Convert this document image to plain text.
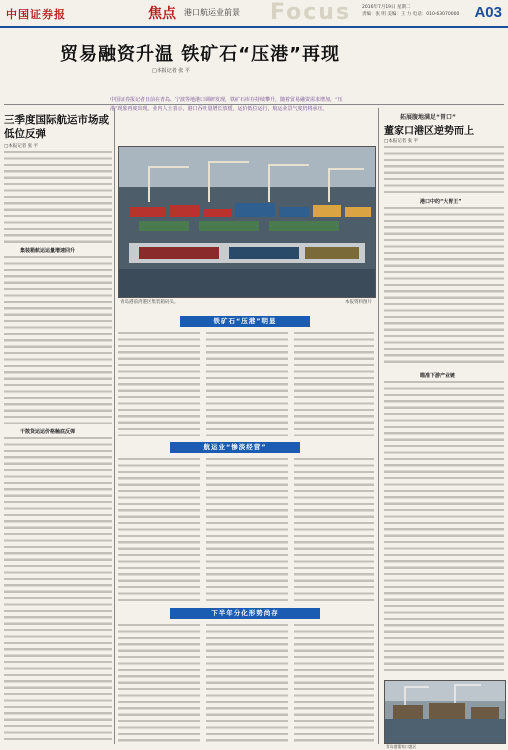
中国证券报	焦点 港口航运业前景 Focus 2016年7月19日 星期二
责编：张 明 美编：王 力 电话：010-63070000 A03
贸易融资升温 铁矿石“压港”再现
□本报记者 张 平
中国证券报记者日前在青岛、宁波等地港口调研发现，铁矿石库存持续攀升，随着贸易融资需求增加，“压港”现象再度出现。业内人士表示，港口吞吐量增长放缓，运价低位运行，航运业景气度仍将承压。
三季度国际航运市场或低位反弹
□本报记者 张 平
集装箱航运运量增速回升
干散货运运价格触底反弹
青岛港前湾港区集装箱码头。	本报资料图片
铁矿石“压港”明显
航运业“惨淡经营”
下半年分化形势尚存
拓展腹地满足“胃口”
董家口港区逆势而上
□本报记者 张 平
港口中的“大胃王”
瞄准下游产业链
青岛港董家口港区
